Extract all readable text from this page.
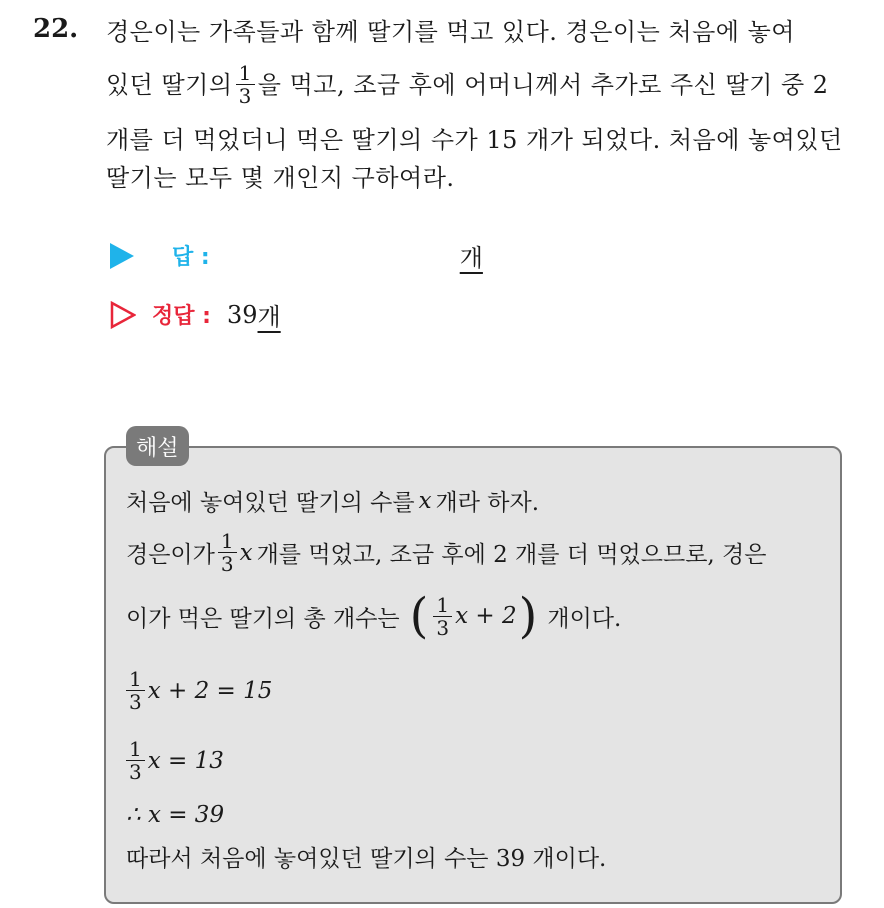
22. 경은이는 가족들과 함께 딸기를 먹고 있다. 경은이는 처음에 놓여
있던 딸기의 $\frac{1}{3}$ 을 먹고, 조금 후에 어머니께서 추가로 주신 딸기 중 2
개를 더 먹었더니 먹은 딸기의 수가 15 개가 되었다. 처음에 놓여있던
딸기는 모두 몇 개인지 구하여라.
답 :	개
정답 : 39 개
해설
처음에 놓여있던 딸기의 수를 x 개라 하자.
경은이가 $\frac{1}{3}$ x 개를 먹었고, 조금 후에 2 개를 더 먹었으므로, 경은
이가 먹은 딸기의 총 개수는 ( $\frac{1}{3}$ x + 2 ) 개이다.
$\frac{1}{3}$ x + 2 = 15
$\frac{1}{3}$ x = 13
∴ x = 39
따라서 처음에 놓여있던 딸기의 수는 39 개이다.
